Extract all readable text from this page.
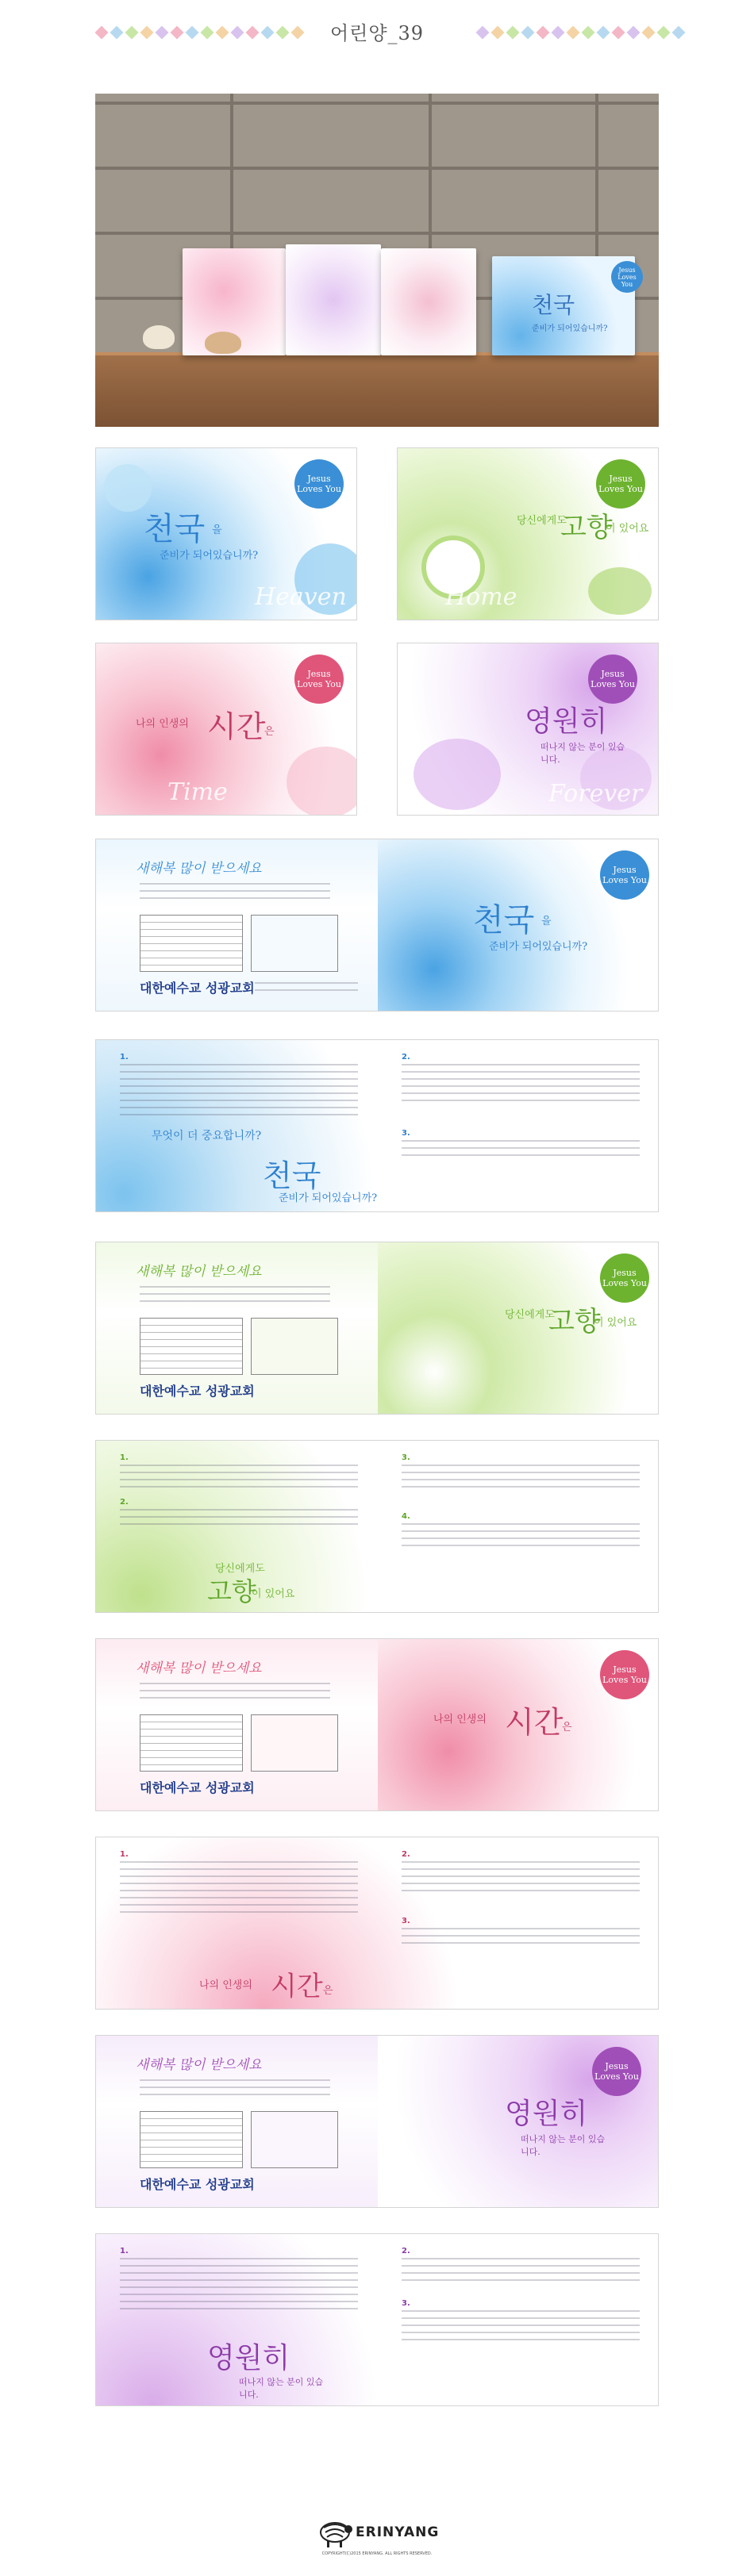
어린양_39
천국
준비가 되어있습니까?
Jesus
Loves You
Jesus
Loves You
천국 을
준비가 되어있습니까?
Heaven
Jesus
Loves You
당신에게도
고향
이 있어요
Home
Jesus
Loves You
나의 인생의 시간
은
Time
Jesus
Loves You
영원히
떠나지 않는 분이 있습니다.
Forever
새해복 많이 받으세요
대한예수교 성광교회
Jesus
Loves You
천국 을
준비가 되어있습니까?
1.
무엇이 더 중요합니까?
천국
준비가 되어있습니까?
2.
3.
새해복 많이 받으세요
대한예수교 성광교회
Jesus
Loves You
당신에게도
고향
이 있어요
1.
2.
당신에게도
고향
이 있어요
3.
4.
새해복 많이 받으세요
대한예수교 성광교회
Jesus
Loves You
나의 인생의 시간
은
1.
나의 인생의 시간 은
2.
3.
새해복 많이 받으세요
대한예수교 성광교회
Jesus
Loves You
영원히
떠나지 않는 분이 있습니다.
1.
영원히
떠나지 않는 분이 있습니다.
2.
3.
ERINYANG
COPYRIGHT(C)2015 ERINYANG. ALL RIGHTS RESERVED.
